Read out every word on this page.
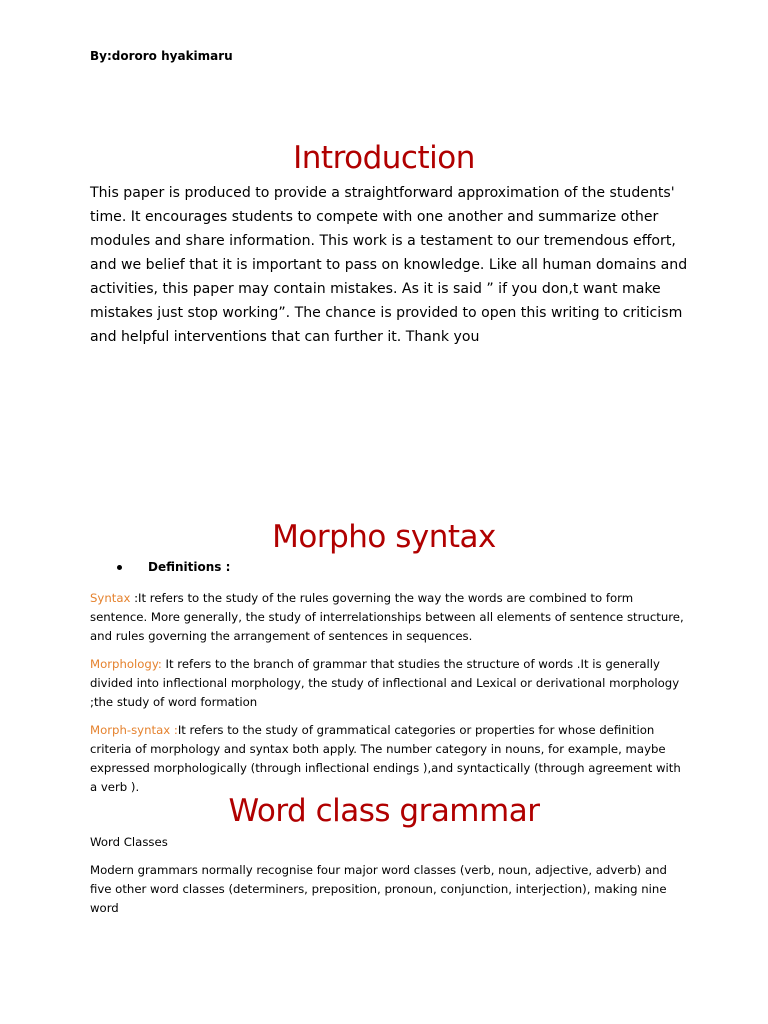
By:dororo hyakimaru
Introduction
This paper is produced to provide a straightforward approximation of the students' time. It encourages students to compete with one another and summarize other modules and share information. This work is a testament to our tremendous effort, and we belief that it is important to pass on knowledge. Like all human domains and activities, this paper may contain mistakes. As it is said ” if you don,t want make mistakes just stop working”. The chance is provided to open this writing to criticism and helpful interventions that can further it. Thank you
Morpho syntax
Definitions :
Syntax :It refers to the study of the rules governing the way the words are combined to form sentence. More generally, the study of interrelationships between all elements of sentence structure, and rules governing the arrangement of sentences in sequences.
Morphology: It refers to the branch of grammar that studies the structure of words .It is generally divided into inflectional morphology, the study of inflectional and Lexical or derivational morphology ;the study of word formation
Morph-syntax :It refers to the study of grammatical categories or properties for whose definition criteria of morphology and syntax both apply. The number category in nouns, for example, maybe expressed morphologically (through inflectional endings ),and syntactically (through agreement with a verb ).
Word class grammar
Word Classes
Modern grammars normally recognise four major word classes (verb, noun, adjective, adverb) and five other word classes (determiners, preposition, pronoun, conjunction, interjection), making nine word
